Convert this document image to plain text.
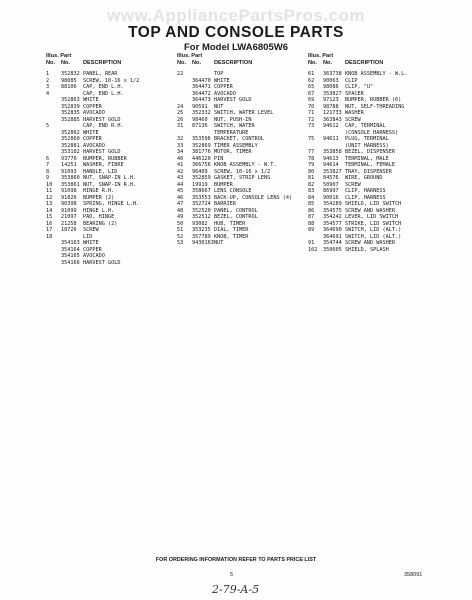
www.AppliancePartsPros.com
TOP AND CONSOLE PARTS
For Model LWA6805W6
Illus. Part
No.	No.	DESCRIPTION
1	352832 PANEL, REAR
2	98085	SCREW, 10-16 x 1/2
3	88106	CAP, END L.H.
4	CAP, END L.H.
352863 WHITE
352839 COPPER
352835 AVOCADO
352885 HARVEST GOLD
5	CAP, END R.H.
352862 WHITE
352860 COPPER
352881 AVOCADO
353182 HARVEST GOLD
6	93770	BUMPER, RUBBER
7	14251	WASHER, FIBRE
8	91093	HANDLE, LID
9	353860 NUT, SNAP-IN L.H.
10	353861 NUT, SNAP-IN R.H.
11	91098	HINGE R.H.
12	91826	BUMPER (2)
13	90398	SPRING, HINGE L.H.
14	91099	HINGE L.H.
15	21097	PAD, HINGE
16	21258	BEARING (2)
17	18726	SCREW
18	LID
354163 WHITE
354164 COPPER
354165 AVOCADO
354166 HARVEST GOLD
Illus. Part
No.	No.	DESCRIPTION
22	TOP
364470 WHITE
364471 COPPER
364472 AVOCADO
364473 HARVEST GOLD
24	90591	NUT
25	352332 SWITCH, WATER LEVEL
26	98460	NUT, PUSH-IN
31	87136	SWITCH, WATER
TEMPERATURE
32	353596 BRACKET, CONTROL
33	352869 TIMER ASSEMBLY
34	381776 MOTOR, TIMER
40	446120 PIN
41	366756 KNOB ASSEMBLY - W.T.
42	96409	SCREW, 10-16 x 1/2
43	352859 GASKET, STRIP LENS
44	19919	BUMPER
45	358667 LENS CONSOLE
46	353553 BACK-UP, CONSOLE LENS (4)
47	352724 BARRIER
48	352520 PANEL, CONTROL
49	352512 BEZEL, CONTROL
50	93082	HUB, TIMER
51	353235 DIAL, TIMER
52	357789 KNOB, TIMER
53	9430163 NUT
Illus. Part
No.	No.	DESCRIPTION
61	363738 KNOB ASSEMBLY - W.L.
62	90063	CLIP
65	98086	CLIP, "U"
67	353827 SPACER
69	97123	BUMPER, RUBBER (6)
70	98788	NUT, SELF-THREADING
71	121733 WASHER
72	363843 SCREW
73	94612	CAP, TERMINAL
(CONSOLE HARNESS)
75	94611	PLUG, TERMINAL
(UNIT HARNESS)
77	353858 BEZEL, DISPENSER
78	94613	TERMINAL, MALE
79	94614	TERMINAL, FEMALE
80	353827 TRAY, DISPENSER
81	84576	WIRE, GROUND
82	50907	SCREW
83	86997	CLIP, HARNESS
84	90016	CLIP, HARNESS
85	354289 SHIELD, LID SWITCH
86	354575 SCREW AND WASHER
87	354242 LEVER, LID SWITCH
88	354577 STRIKE, LID SWITCH
89	364690 SWITCH, LID (ALT.)
364691 SWITCH, LID (ALT.)
91	354744 SCREW AND WASHER
102	350605 SHIELD, SPLASH
FOR ORDERING INFORMATION REFER TO PARTS PRICE LIST
5	358091
2-79-A-5
